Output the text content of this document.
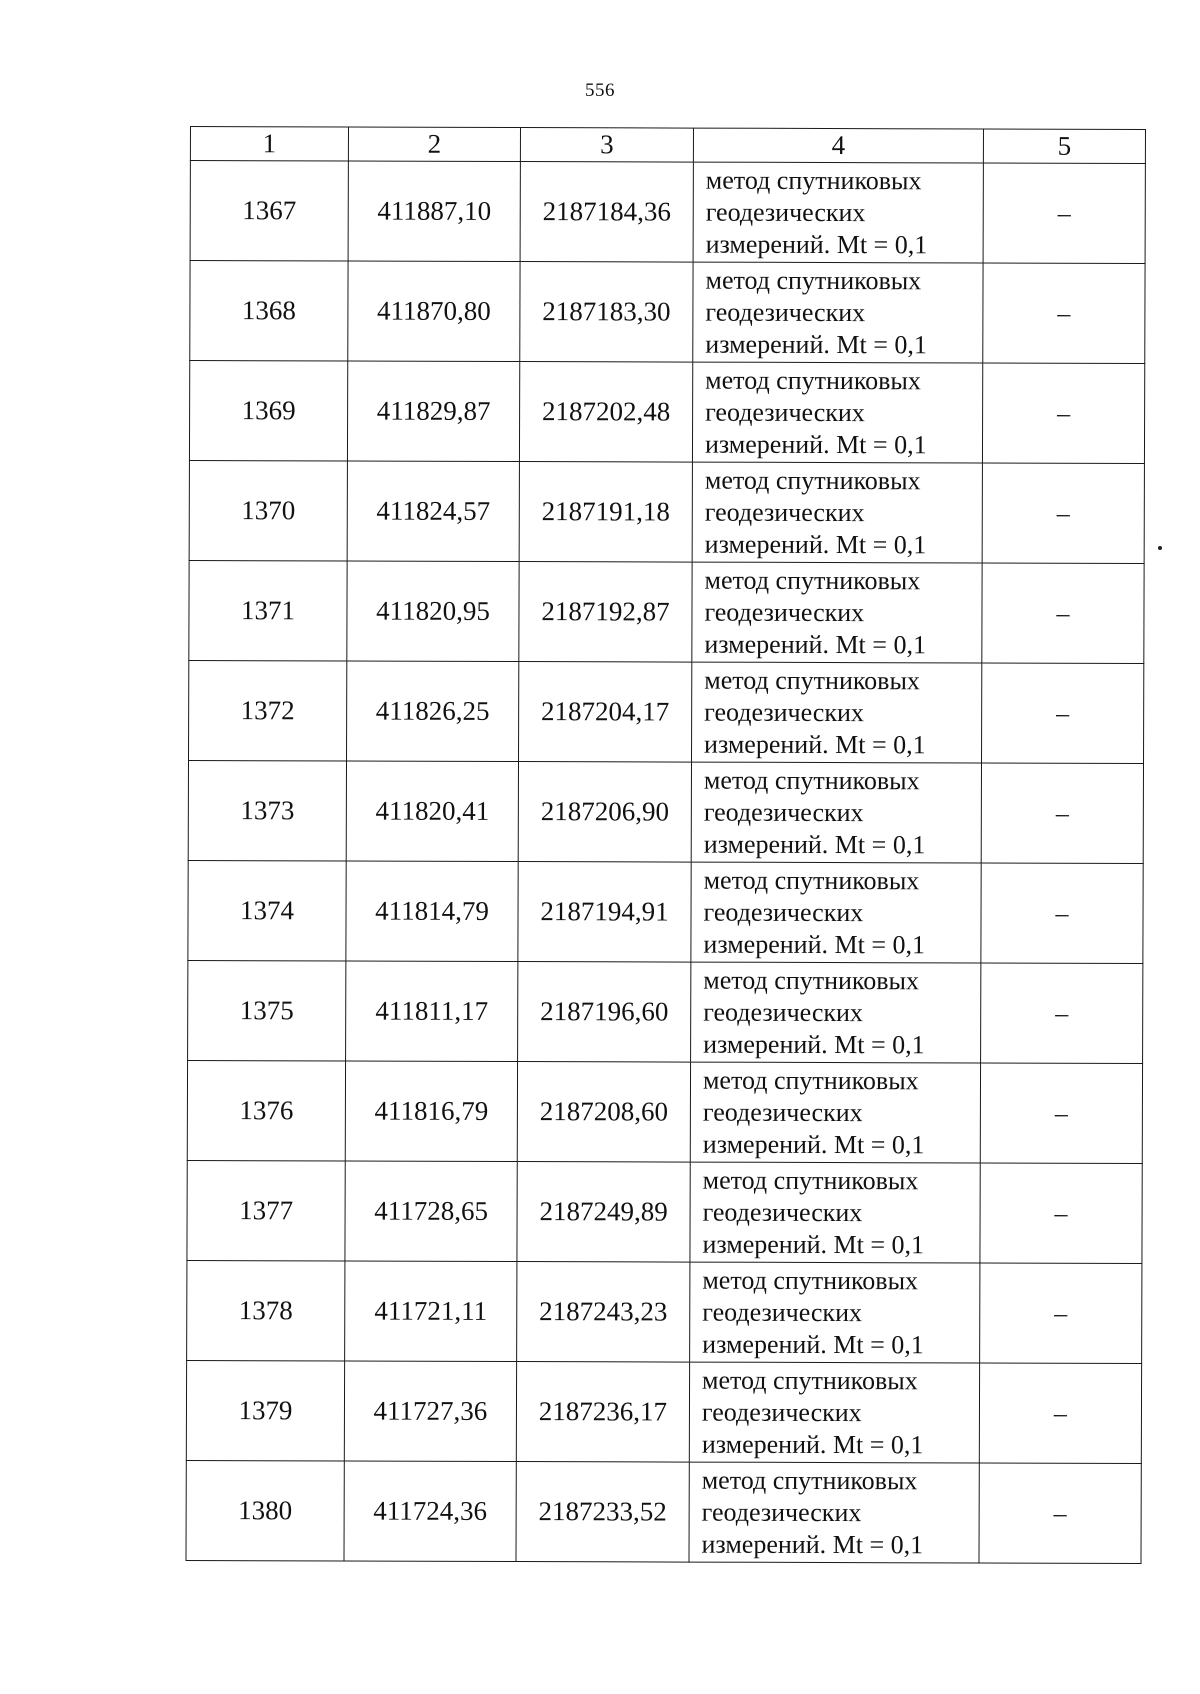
556
1	2	3	4	5
1367	411887,10	2187184,36	метод спутниковых
геодезических
измерений. Mt = 0,1	–
1368	411870,80	2187183,30	метод спутниковых
геодезических
измерений. Mt = 0,1	–
1369	411829,87	2187202,48	метод спутниковых
геодезических
измерений. Mt = 0,1	–
1370	411824,57	2187191,18	метод спутниковых
геодезических
измерений. Mt = 0,1	–
1371	411820,95	2187192,87	метод спутниковых
геодезических
измерений. Mt = 0,1	–
1372	411826,25	2187204,17	метод спутниковых
геодезических
измерений. Mt = 0,1	–
1373	411820,41	2187206,90	метод спутниковых
геодезических
измерений. Mt = 0,1	–
1374	411814,79	2187194,91	метод спутниковых
геодезических
измерений. Mt = 0,1	–
1375	411811,17	2187196,60	метод спутниковых
геодезических
измерений. Mt = 0,1	–
1376	411816,79	2187208,60	метод спутниковых
геодезических
измерений. Mt = 0,1	–
1377	411728,65	2187249,89	метод спутниковых
геодезических
измерений. Mt = 0,1	–
1378	411721,11	2187243,23	метод спутниковых
геодезических
измерений. Mt = 0,1	–
1379	411727,36	2187236,17	метод спутниковых
геодезических
измерений. Mt = 0,1	–
1380	411724,36	2187233,52	метод спутниковых
геодезических
измерений. Mt = 0,1	–
